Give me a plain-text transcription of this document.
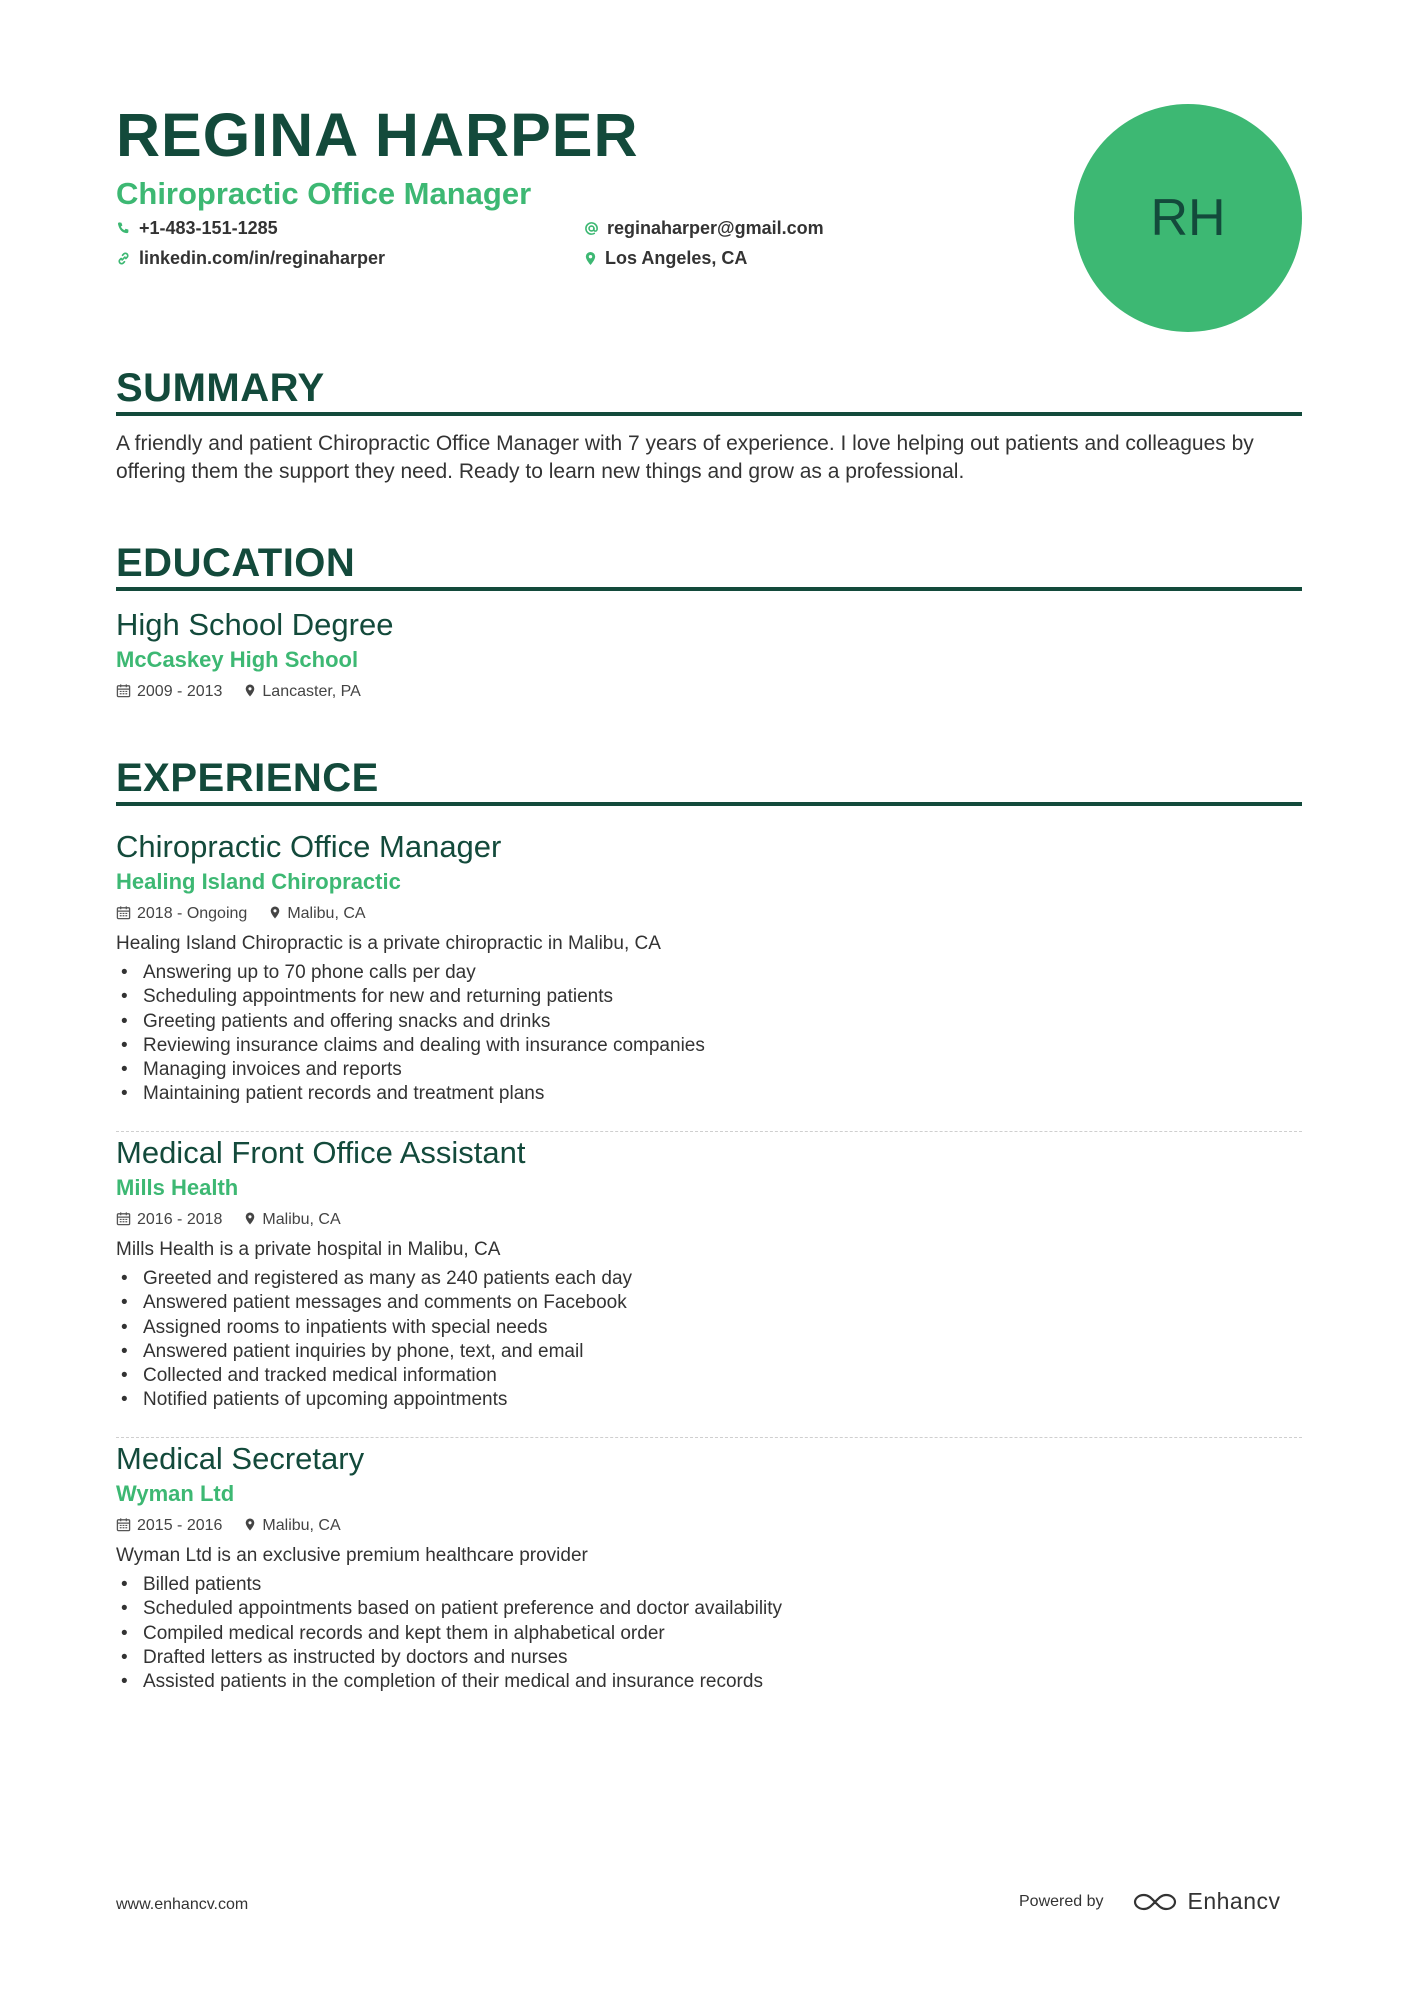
REGINA HARPER
Chiropractic Office Manager
+1-483-151-1285
linkedin.com/in/reginaharper
reginaharper@gmail.com
Los Angeles, CA
RH
SUMMARY
A friendly and patient Chiropractic Office Manager with 7 years of experience. I love helping out patients and colleagues by offering them the support they need. Ready to learn new things and grow as a professional.
EDUCATION
High School Degree
McCaskey High School
2009 - 2013	Lancaster, PA
EXPERIENCE
Chiropractic Office Manager
Healing Island Chiropractic
2018 - Ongoing	Malibu, CA
Healing Island Chiropractic is a private chiropractic in Malibu, CA
• Answering up to 70 phone calls per day
• Scheduling appointments for new and returning patients
• Greeting patients and offering snacks and drinks
• Reviewing insurance claims and dealing with insurance companies
• Managing invoices and reports
• Maintaining patient records and treatment plans
Medical Front Office Assistant
Mills Health
2016 - 2018	Malibu, CA
Mills Health is a private hospital in Malibu, CA
• Greeted and registered as many as 240 patients each day
• Answered patient messages and comments on Facebook
• Assigned rooms to inpatients with special needs
• Answered patient inquiries by phone, text, and email
• Collected and tracked medical information
• Notified patients of upcoming appointments
Medical Secretary
Wyman Ltd
2015 - 2016	Malibu, CA
Wyman Ltd is an exclusive premium healthcare provider
• Billed patients
• Scheduled appointments based on patient preference and doctor availability
• Compiled medical records and kept them in alphabetical order
• Drafted letters as instructed by doctors and nurses
• Assisted patients in the completion of their medical and insurance records
www.enhancv.com	Powered by	Enhancv
